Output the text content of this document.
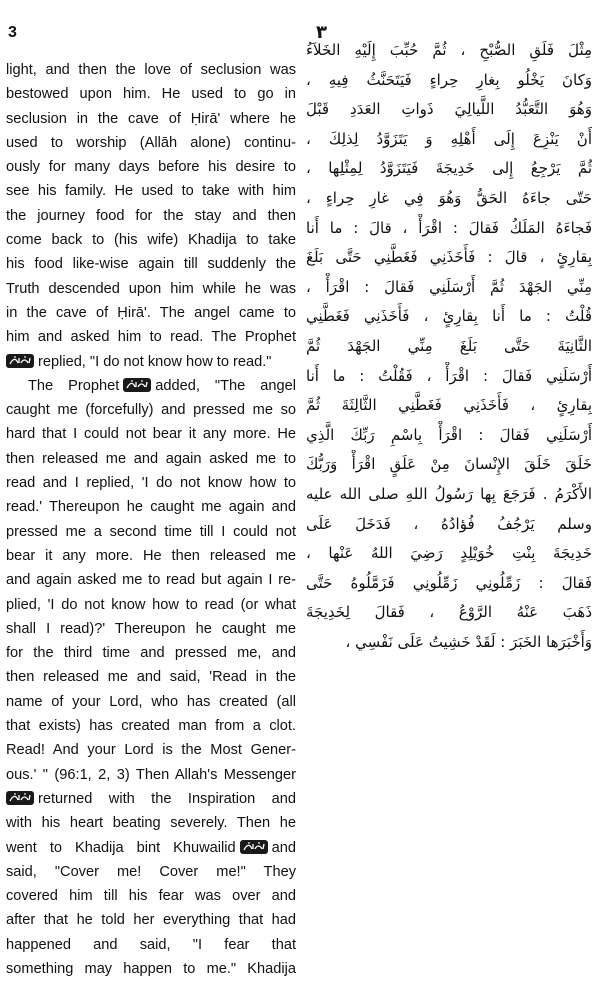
3	٣
light, and then the love of seclusion was
bestowed upon him. He used to go in
seclusion in the cave of Ḥirā' where he
used to worship (Allāh alone) continu-
ously for many days before his desire to
see his family. He used to take with him
the journey food for the stay and then
come back to (his wife) Khadija to take
his food like-wise again till suddenly the
Truth descended upon him while he was
in the cave of Ḥirā'. The angel came to
him and asked him to read. The Prophet
replied, "I do not know how to read."
The Prophet added, "The angel
caught me (forcefully) and pressed me so
hard that I could not bear it any more. He
then released me and again asked me to
read and I replied, 'I do not know how to
read.' Thereupon he caught me again and
pressed me a second time till I could not
bear it any more. He then released me
and again asked me to read but again I re-
plied, 'I do not know how to read (or what
shall I read)?' Thereupon he caught me
for the third time and pressed me, and
then released me and said, 'Read in the
name of your Lord, who has created (all
that exists) has created man from a clot.
Read! And your Lord is the Most Gener-
ous.' " (96:1, 2, 3) Then Allah's Messenger
returned with the Inspiration and
with his heart beating severely. Then he
went to Khadija bint Khuwailid and
said, "Cover me! Cover me!" They
covered him till his fear was over and
after that he told her everything that had
happened and said, "I fear that
something may happen to me." Khadija
مِثْلَ فَلَقِ الصُّبْحِ ، ثُمَّ حُبِّبَ إِلَيْهِ الخَلاَءُ
وَكانَ يَخْلُو بِغارِ حِراءٍ فَيَتَحَنَّثُ فِيهِ ،
وَهُوَ التَّعَبُّدُ اللَّيالِيَ ذَواتِ العَدَدِ قَبْلَ
أَنْ يَنْزِعَ إِلَى أَهْلِهِ وَ يَتَزَوَّدُ لِذلِكَ ،
ثُمَّ يَرْجِعُ إِلى خَدِيجَةَ فَيَتَزَوَّدُ لِمِثْلِها ،
حَتّى جاءَهُ الحَقُّ وَهُوَ فِي غارِ حِراءٍ ،
فَجاءَهُ المَلَكُ فَقالَ : اقْرَأْ ، قالَ : ما أَنا
بِقارِئٍ ، قالَ : فَأَخَذَنِي فَغَطَّنِي حَتَّى بَلَغَ
مِنِّي الجَهْدَ ثُمَّ أَرْسَلَنِي فَقالَ : اقْرَأْ ،
قُلْتُ : ما أَنا بِقارِئٍ ، فَأَخَذَنِي فَغَطَّنِي
الثَّانِيَةَ حَتَّى بَلَغَ مِنِّي الجَهْدَ ثُمَّ
أَرْسَلَنِي فَقالَ : اقْرَأْ ، فَقُلْتُ : ما أَنا
بِقارِئٍ ، فَأَخَذَنِي فَغَطَّنِي الثَّالِثَةَ ثُمَّ
أَرْسَلَنِي فَقالَ : اقْرَأْ بِاسْمِ رَبِّكَ الَّذِي
خَلَقَ خَلَقَ الإِنْسانَ مِنْ عَلَقٍ اقْرَأْ وَرَبُّكَ
الأَكْرَمُ . فَرَجَعَ بِها رَسُولُ اللهِ صلى الله عليه
وسلم يَرْجُفُ فُؤادُهُ ، فَدَخَلَ عَلَى
خَدِيجَةَ بِنْتِ خُوَيْلِدٍ رَضِيَ اللهُ عَنْها ،
فَقالَ : زَمِّلُونِي زَمِّلُونِي فَزَمَّلُوهُ حَتَّى
ذَهَبَ عَنْهُ الرَّوْعُ ، فَقالَ لِخَدِيجَةَ
وَأَخْبَرَها الخَبَرَ : لَقَدْ خَشِيتُ عَلَى نَفْسِي ،
